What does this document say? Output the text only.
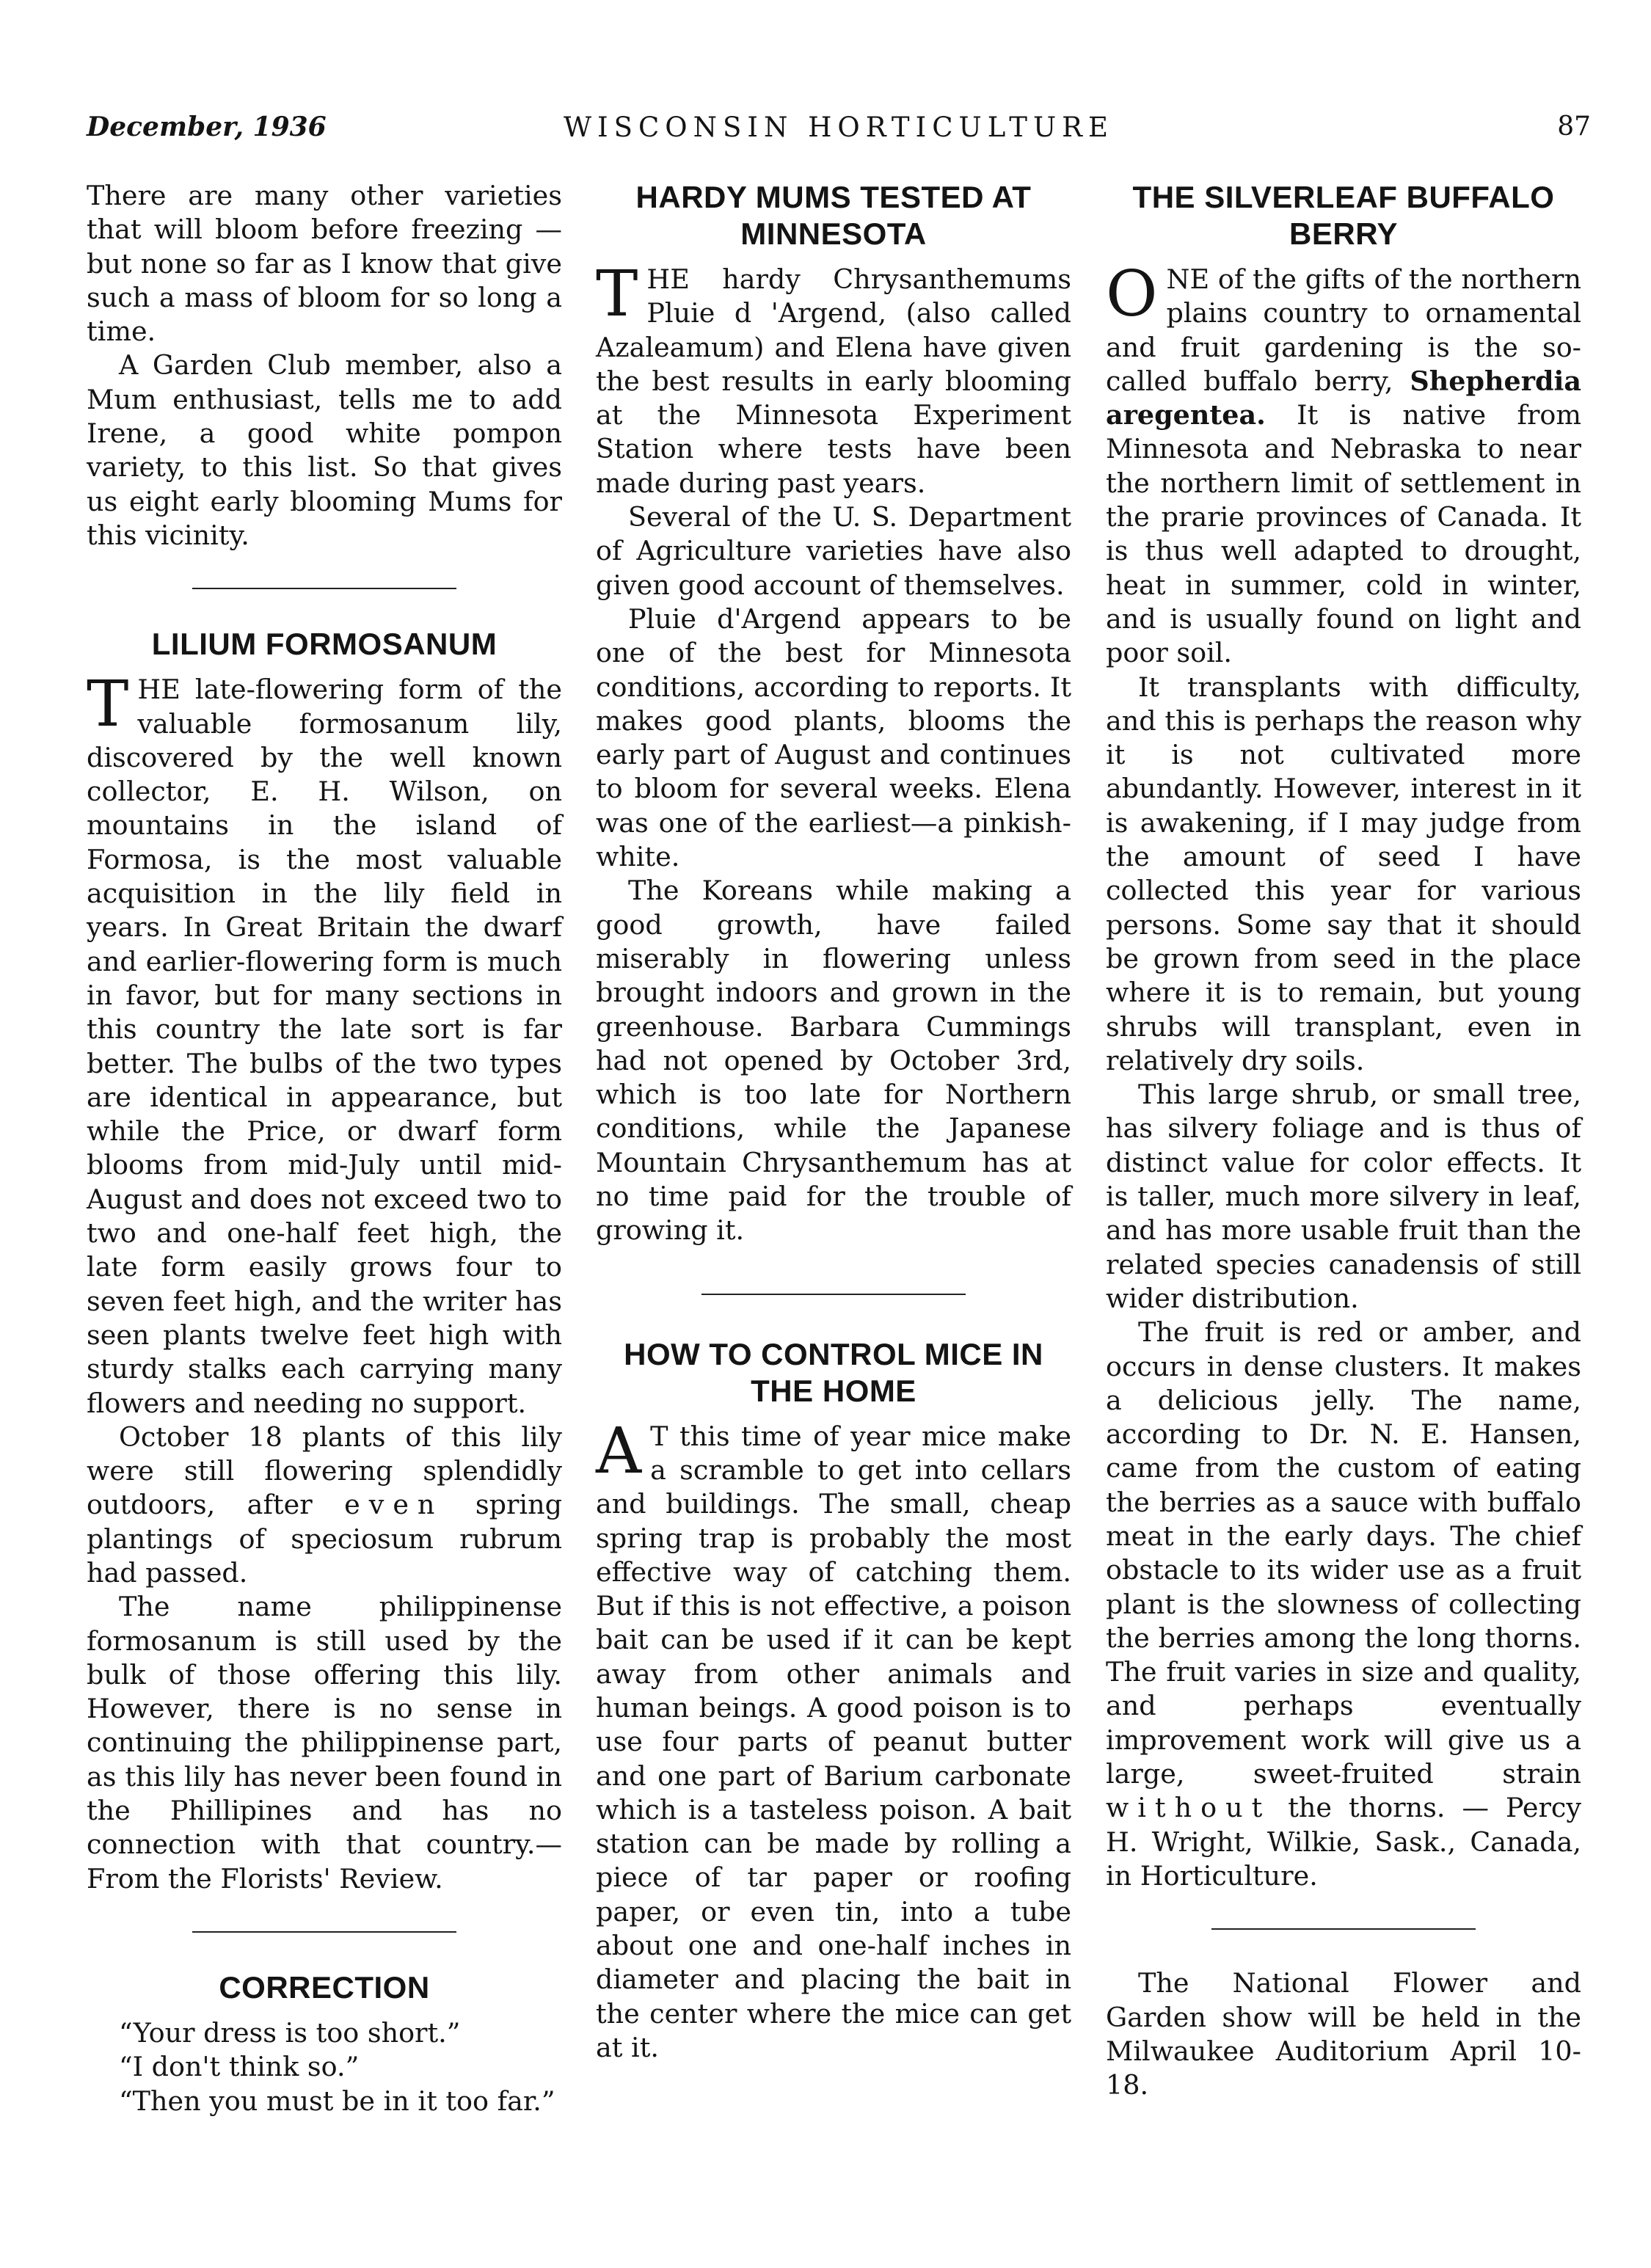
WISCONSIN HORTICULTURE
December, 1936	87

There are many other varieties that will bloom before freezing —but none so far as I know that give such a mass of bloom for so long a time.

A Garden Club member, also a Mum enthusiast, tells me to add Irene, a good white pompon variety, to this list. So that gives us eight early blooming Mums for this vicinity.

LILIUM FORMOSANUM

THE late-flowering form of the valuable formosanum lily, discovered by the well known collector, E. H. Wilson, on mountains in the island of Formosa, is the most valuable acquisition in the lily field in years. In Great Britain the dwarf and earlier-flowering form is much in favor, but for many sections in this country the late sort is far better. The bulbs of the two types are identical in appearance, but while the Price, or dwarf form blooms from mid-July until mid-August and does not exceed two to two and one-half feet high, the late form easily grows four to seven feet high, and the writer has seen plants twelve feet high with sturdy stalks each carrying many flowers and needing no support.

October 18 plants of this lily were still flowering splendidly outdoors, after even spring plantings of speciosum rubrum had passed.

The name philippinense formosanum is still used by the bulk of those offering this lily. However, there is no sense in continuing the philippinense part, as this lily has never been found in the Phillipines and has no connection with that country.— From the Florists' Review.

CORRECTION

“Your dress is too short.”

“I don't think so.”

“Then you must be in it too far.”

HARDY MUMS TESTED AT MINNESOTA

THE hardy Chrysanthemums Pluie d 'Argend, (also called Azaleamum) and Elena have given the best results in early blooming at the Minnesota Experiment Station where tests have been made during past years.

Several of the U. S. Department of Agriculture varieties have also given good account of themselves.

Pluie d'Argend appears to be one of the best for Minnesota conditions, according to reports. It makes good plants, blooms the early part of August and continues to bloom for several weeks. Elena was one of the earliest—a pinkish-white.

The Koreans while making a good growth, have failed miserably in flowering unless brought indoors and grown in the greenhouse. Barbara Cummings had not opened by October 3rd, which is too late for Northern conditions, while the Japanese Mountain Chrysanthemum has at no time paid for the trouble of growing it.

HOW TO CONTROL MICE IN THE HOME

A T this time of year mice make a scramble to get into cellars and buildings. The small, cheap spring trap is probably the most effective way of catching them. But if this is not effective, a poison bait can be used if it can be kept away from other animals and human beings. A good poison is to use four parts of peanut butter and one part of Barium carbonate which is a tasteless poison. A bait station can be made by rolling a piece of tar paper or roofing paper, or even tin, into a tube about one and one-half inches in diameter and placing the bait in the center where the mice can get at it.

THE SILVERLEAF BUFFALO BERRY

ONE of the gifts of the northern plains country to ornamental and fruit gardening is the so-called buffalo berry, Shepherdia aregentea. It is native from Minnesota and Nebraska to near the northern limit of settlement in the prarie provinces of Canada. It is thus well adapted to drought, heat in summer, cold in winter, and is usually found on light and poor soil.

It transplants with difficulty, and this is perhaps the reason why it is not cultivated more abundantly. However, interest in it is awakening, if I may judge from the amount of seed I have collected this year for various persons. Some say that it should be grown from seed in the place where it is to remain, but young shrubs will transplant, even in relatively dry soils.

This large shrub, or small tree, has silvery foliage and is thus of distinct value for color effects. It is taller, much more silvery in leaf, and has more usable fruit than the related species canadensis of still wider distribution.

The fruit is red or amber, and occurs in dense clusters. It makes a delicious jelly. The name, according to Dr. N. E. Hansen, came from the custom of eating the berries as a sauce with buffalo meat in the early days. The chief obstacle to its wider use as a fruit plant is the slowness of collecting the berries among the long thorns. The fruit varies in size and quality, and perhaps eventually improvement work will give us a large, sweet-fruited strain without the thorns. — Percy H. Wright, Wilkie, Sask., Canada, in Horticulture.

The National Flower and Garden show will be held in the Milwaukee Auditorium April 10-18.
